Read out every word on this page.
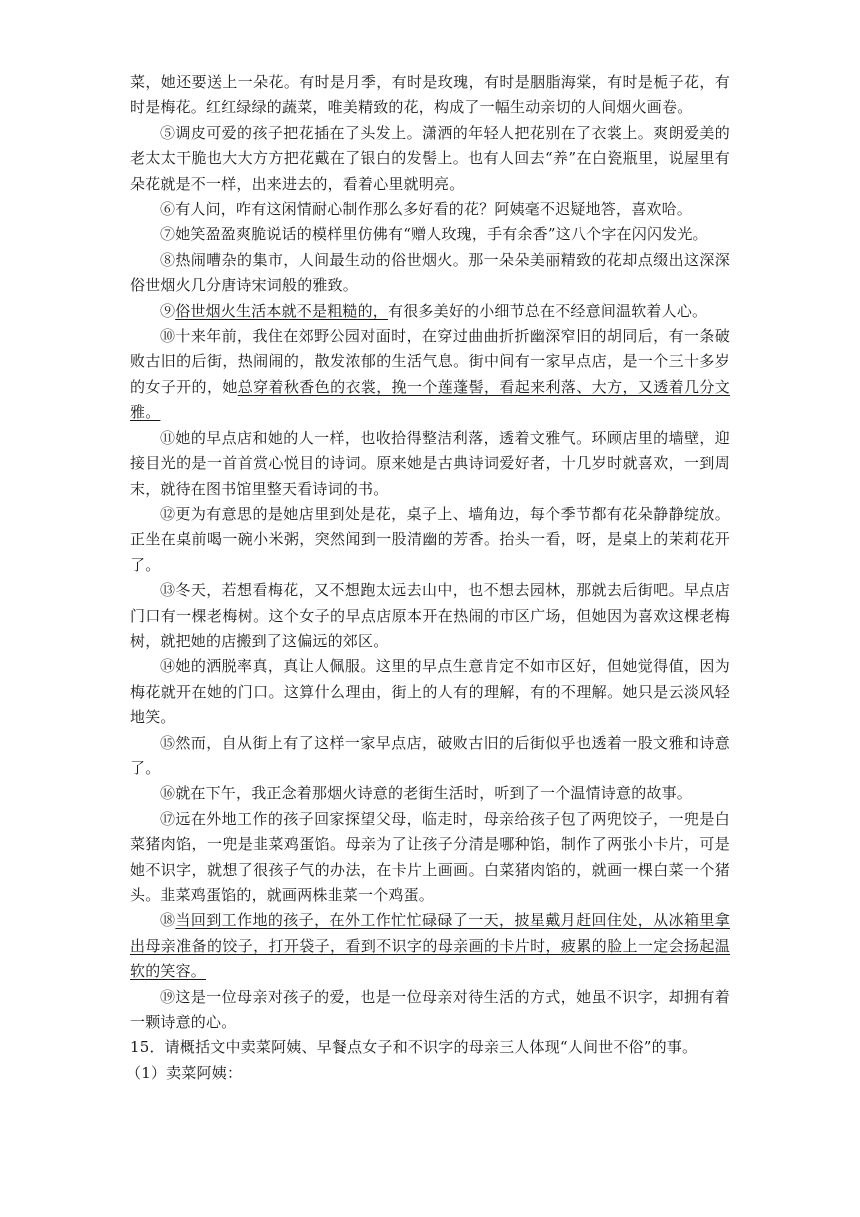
菜，她还要送上一朵花。有时是月季，有时是玫瑰，有时是胭脂海棠，有时是栀子花，有时是梅花。红红绿绿的蔬菜，唯美精致的花，构成了一幅生动亲切的人间烟火画卷。

⑤调皮可爱的孩子把花插在了头发上。潇洒的年轻人把花别在了衣裳上。爽朗爱美的老太太干脆也大大方方把花戴在了银白的发髻上。也有人回去“养”在白瓷瓶里，说屋里有朵花就是不一样，出来进去的，看着心里就明亮。

⑥有人问，咋有这闲情耐心制作那么多好看的花？阿姨毫不迟疑地答，喜欢哈。

⑦她笑盈盈爽脆说话的模样里仿佛有“赠人玫瑰，手有余香”这八个字在闪闪发光。

⑧热闹嘈杂的集市，人间最生动的俗世烟火。那一朵朵美丽精致的花却点缀出这深深俗世烟火几分唐诗宋词般的雅致。

⑨俗世烟火生活本就不是粗糙的，有很多美好的小细节总在不经意间温软着人心。

⑩十来年前，我住在郊野公园对面时，在穿过曲曲折折幽深窄旧的胡同后，有一条破败古旧的后街，热闹闹的，散发浓郁的生活气息。街中间有一家早点店，是一个三十多岁的女子开的，她总穿着秋香色的衣裳，挽一个莲蓬髻，看起来利落、大方，又透着几分文雅。

⑪她的早点店和她的人一样，也收拾得整洁利落，透着文雅气。环顾店里的墙壁，迎接目光的是一首首赏心悦目的诗词。原来她是古典诗词爱好者，十几岁时就喜欢，一到周末，就待在图书馆里整天看诗词的书。

⑫更为有意思的是她店里到处是花，桌子上、墙角边，每个季节都有花朵静静绽放。正坐在桌前喝一碗小米粥，突然闻到一股清幽的芳香。抬头一看，呀，是桌上的茉莉花开了。

⑬冬天，若想看梅花，又不想跑太远去山中，也不想去园林，那就去后街吧。早点店门口有一棵老梅树。这个女子的早点店原本开在热闹的市区广场，但她因为喜欢这棵老梅树，就把她的店搬到了这偏远的郊区。

⑭她的洒脱率真，真让人佩服。这里的早点生意肯定不如市区好，但她觉得值，因为梅花就开在她的门口。这算什么理由，街上的人有的理解，有的不理解。她只是云淡风轻地笑。

⑮然而，自从街上有了这样一家早点店，破败古旧的后街似乎也透着一股文雅和诗意了。

⑯就在下午，我正念着那烟火诗意的老街生活时，听到了一个温情诗意的故事。

⑰远在外地工作的孩子回家探望父母，临走时，母亲给孩子包了两兜饺子，一兜是白菜猪肉馅，一兜是韭菜鸡蛋馅。母亲为了让孩子分清是哪种馅，制作了两张小卡片，可是她不识字，就想了很孩子气的办法，在卡片上画画。白菜猪肉馅的，就画一棵白菜一个猪头。韭菜鸡蛋馅的，就画两株韭菜一个鸡蛋。

⑱当回到工作地的孩子，在外工作忙忙碌碌了一天，披星戴月赶回住处，从冰箱里拿出母亲准备的饺子，打开袋子，看到不识字的母亲画的卡片时，疲累的脸上一定会扬起温软的笑容。

⑲这是一位母亲对孩子的爱，也是一位母亲对待生活的方式，她虽不识字，却拥有着一颗诗意的心。

15．请概括文中卖菜阿姨、早餐点女子和不识字的母亲三人体现“人间世不俗”的事。

（1）卖菜阿姨：
